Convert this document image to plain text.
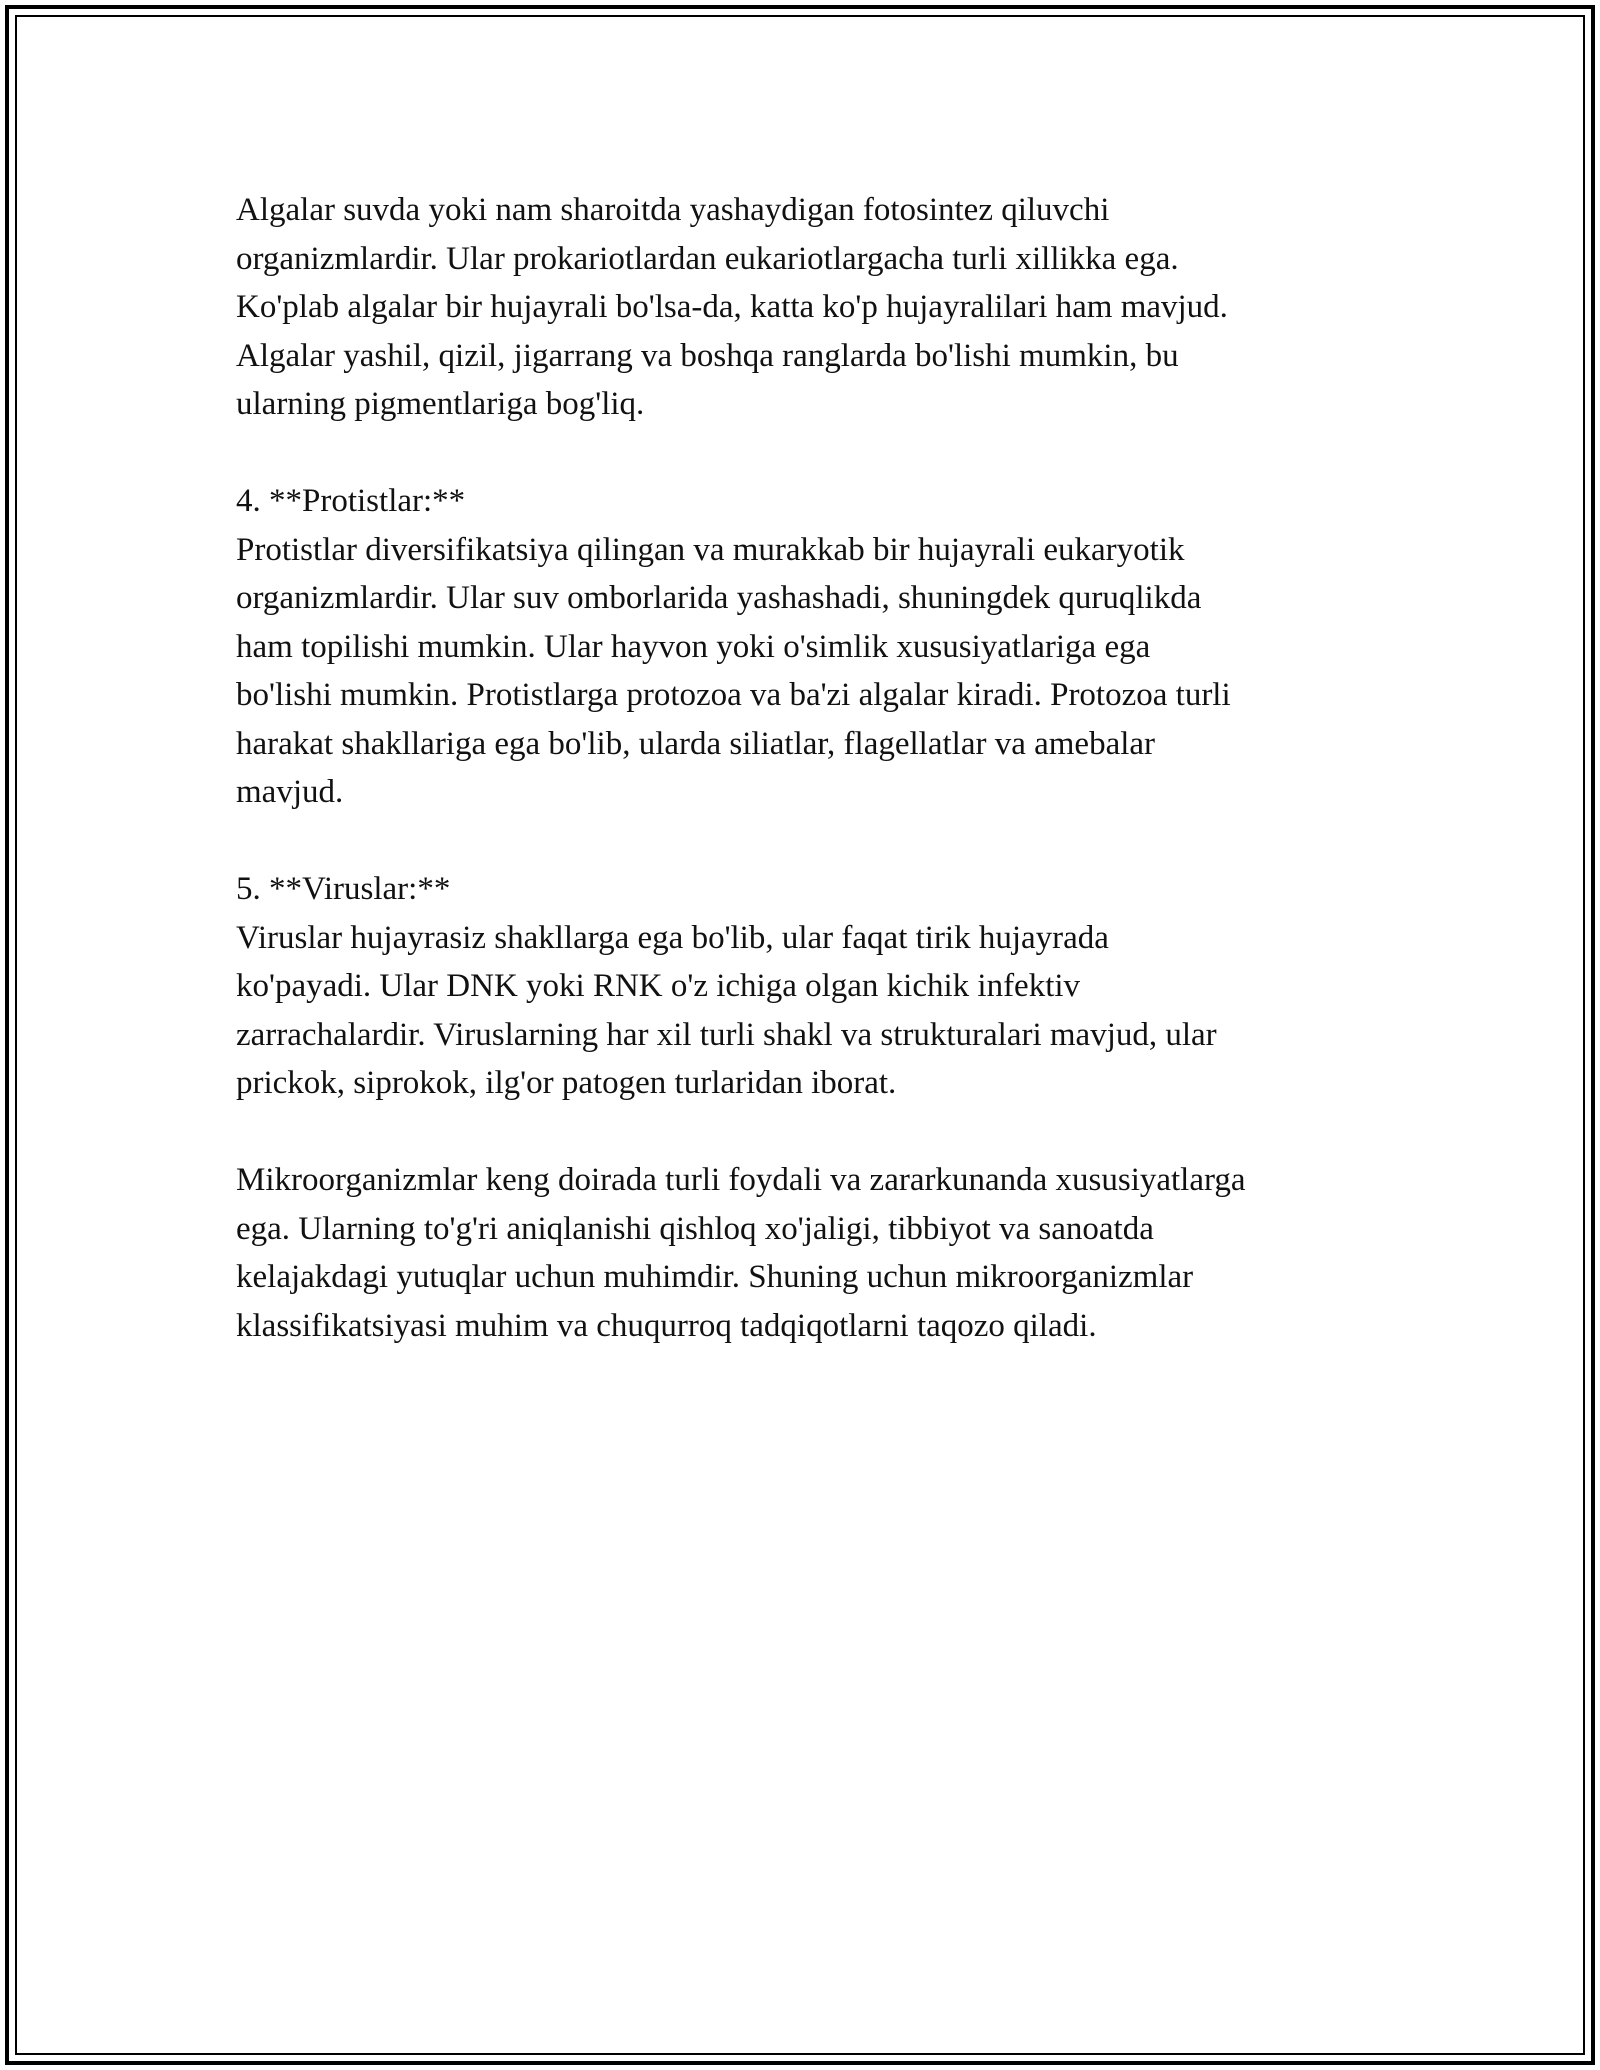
Algalar suvda yoki nam sharoitda yashaydigan fotosintez qiluvchi
organizmlardir. Ular prokariotlardan eukariotlargacha turli xillikka ega.
Ko'plab algalar bir hujayrali bo'lsa-da, katta ko'p hujayralilari ham mavjud.
Algalar yashil, qizil, jigarrang va boshqa ranglarda bo'lishi mumkin, bu
ularning pigmentlariga bog'liq.
4. **Protistlar:**
Protistlar diversifikatsiya qilingan va murakkab bir hujayrali eukaryotik
organizmlardir. Ular suv omborlarida yashashadi, shuningdek quruqlikda
ham topilishi mumkin. Ular hayvon yoki o'simlik xususiyatlariga ega
bo'lishi mumkin. Protistlarga protozoa va ba'zi algalar kiradi. Protozoa turli
harakat shakllariga ega bo'lib, ularda siliatlar, flagellatlar va amebalar
mavjud.
5. **Viruslar:**
Viruslar hujayrasiz shakllarga ega bo'lib, ular faqat tirik hujayrada
ko'payadi. Ular DNK yoki RNK o'z ichiga olgan kichik infektiv
zarrachalardir. Viruslarning har xil turli shakl va strukturalari mavjud, ular
prickok, siprokok, ilg'or patogen turlaridan iborat.
Mikroorganizmlar keng doirada turli foydali va zararkunanda xususiyatlarga
ega. Ularning to'g'ri aniqlanishi qishloq xo'jaligi, tibbiyot va sanoatda
kelajakdagi yutuqlar uchun muhimdir. Shuning uchun mikroorganizmlar
klassifikatsiyasi muhim va chuqurroq tadqiqotlarni taqozo qiladi.
